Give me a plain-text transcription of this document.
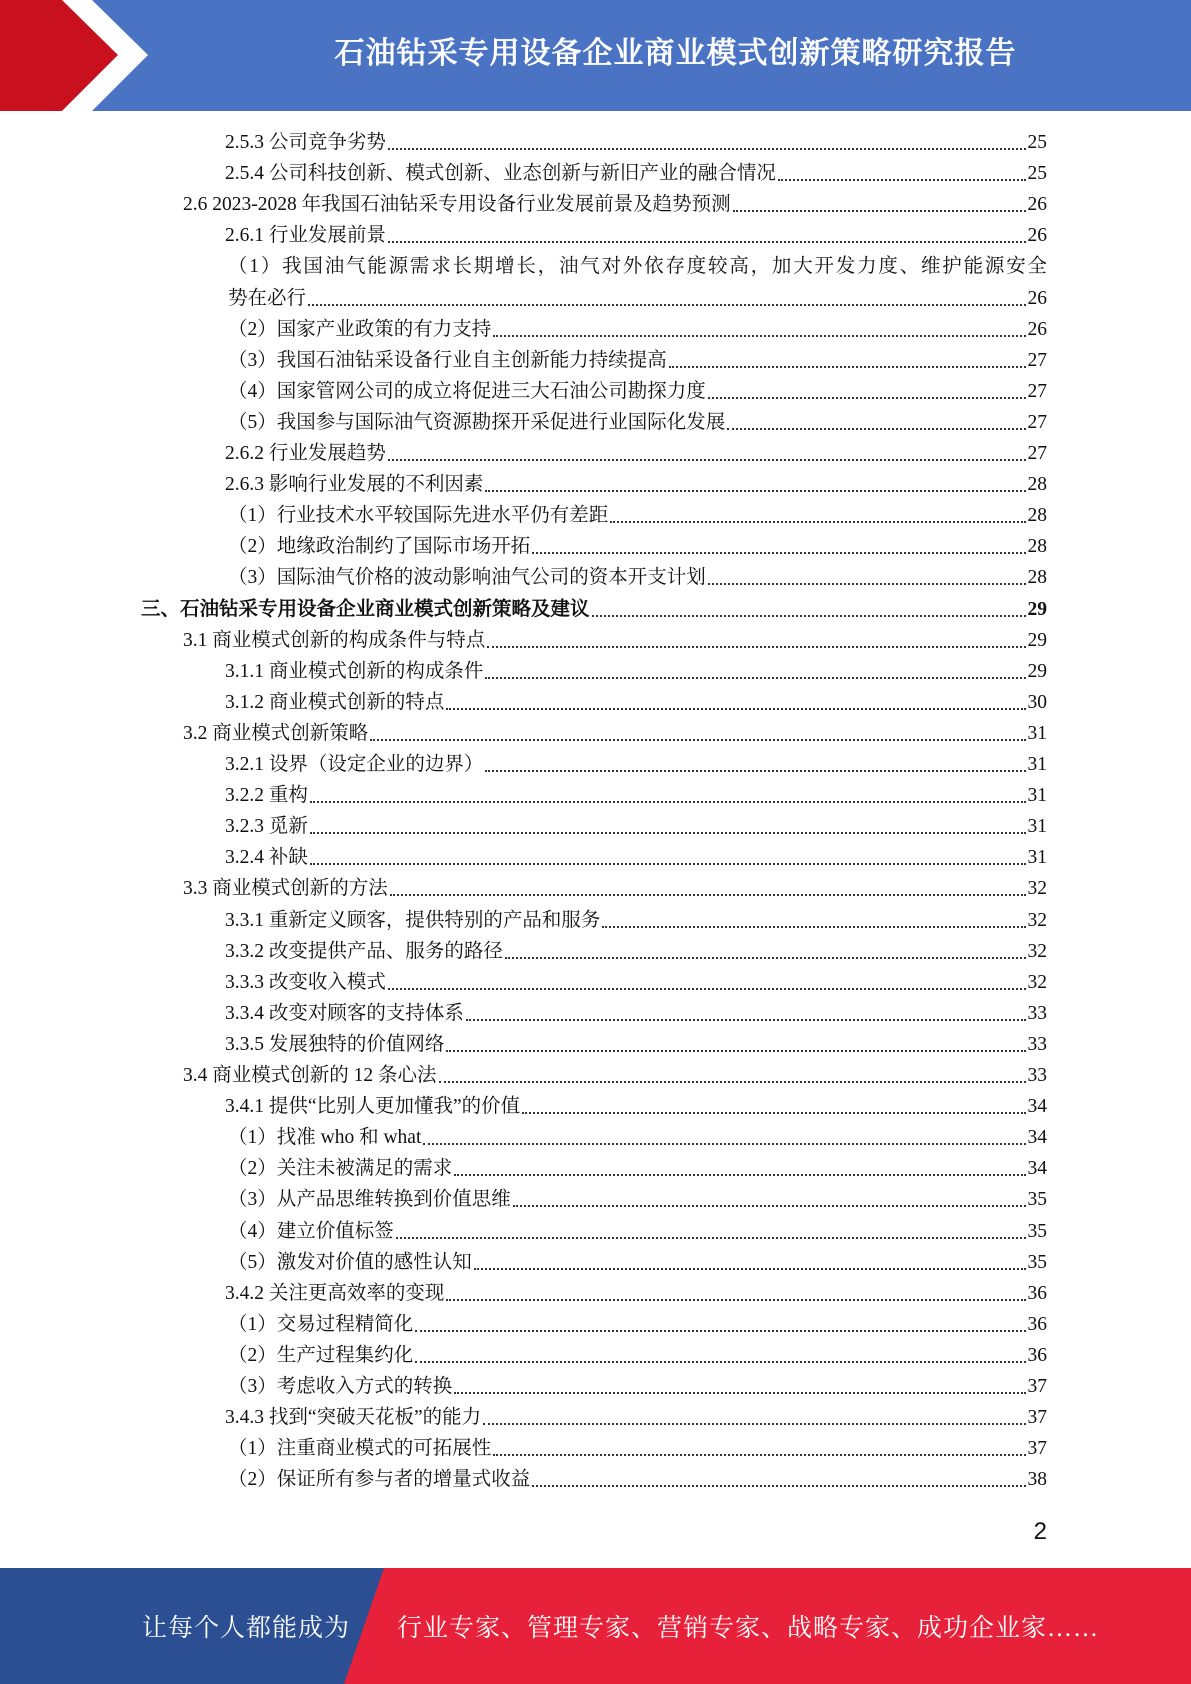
石油钻采专用设备企业商业模式创新策略研究报告
2.5.3 公司竞争劣势	25
2.5.4 公司科技创新、模式创新、业态创新与新旧产业的融合情况	25
2.6 2023-2028 年我国石油钻采专用设备行业发展前景及趋势预测	26
2.6.1 行业发展前景	26
（1）我国油气能源需求长期增长，油气对外依存度较高，加大开发力度、维护能源安全
势在必行	26
（2）国家产业政策的有力支持	26
（3）我国石油钻采设备行业自主创新能力持续提高	27
（4）国家管网公司的成立将促进三大石油公司勘探力度	27
（5）我国参与国际油气资源勘探开采促进行业国际化发展	27
2.6.2 行业发展趋势	27
2.6.3 影响行业发展的不利因素	28
（1）行业技术水平较国际先进水平仍有差距	28
（2）地缘政治制约了国际市场开拓	28
（3）国际油气价格的波动影响油气公司的资本开支计划	28
三、石油钻采专用设备企业商业模式创新策略及建议	29
3.1 商业模式创新的构成条件与特点	29
3.1.1 商业模式创新的构成条件	29
3.1.2 商业模式创新的特点	30
3.2 商业模式创新策略	31
3.2.1 设界（设定企业的边界）	31
3.2.2 重构	31
3.2.3 觅新	31
3.2.4 补缺	31
3.3 商业模式创新的方法	32
3.3.1 重新定义顾客，提供特别的产品和服务	32
3.3.2 改变提供产品、服务的路径	32
3.3.3 改变收入模式	32
3.3.4 改变对顾客的支持体系	33
3.3.5 发展独特的价值网络	33
3.4 商业模式创新的 12 条心法	33
3.4.1 提供“比别人更加懂我”的价值	34
（1）找准 who 和 what	34
（2）关注未被满足的需求	34
（3）从产品思维转换到价值思维	35
（4）建立价值标签	35
（5）激发对价值的感性认知	35
3.4.2 关注更高效率的变现	36
（1）交易过程精简化	36
（2）生产过程集约化	36
（3）考虑收入方式的转换	37
3.4.3 找到“突破天花板”的能力	37
（1）注重商业模式的可拓展性	37
（2）保证所有参与者的增量式收益	38
2
让每个人都能成为 行业专家、管理专家、营销专家、战略专家、成功企业家……
